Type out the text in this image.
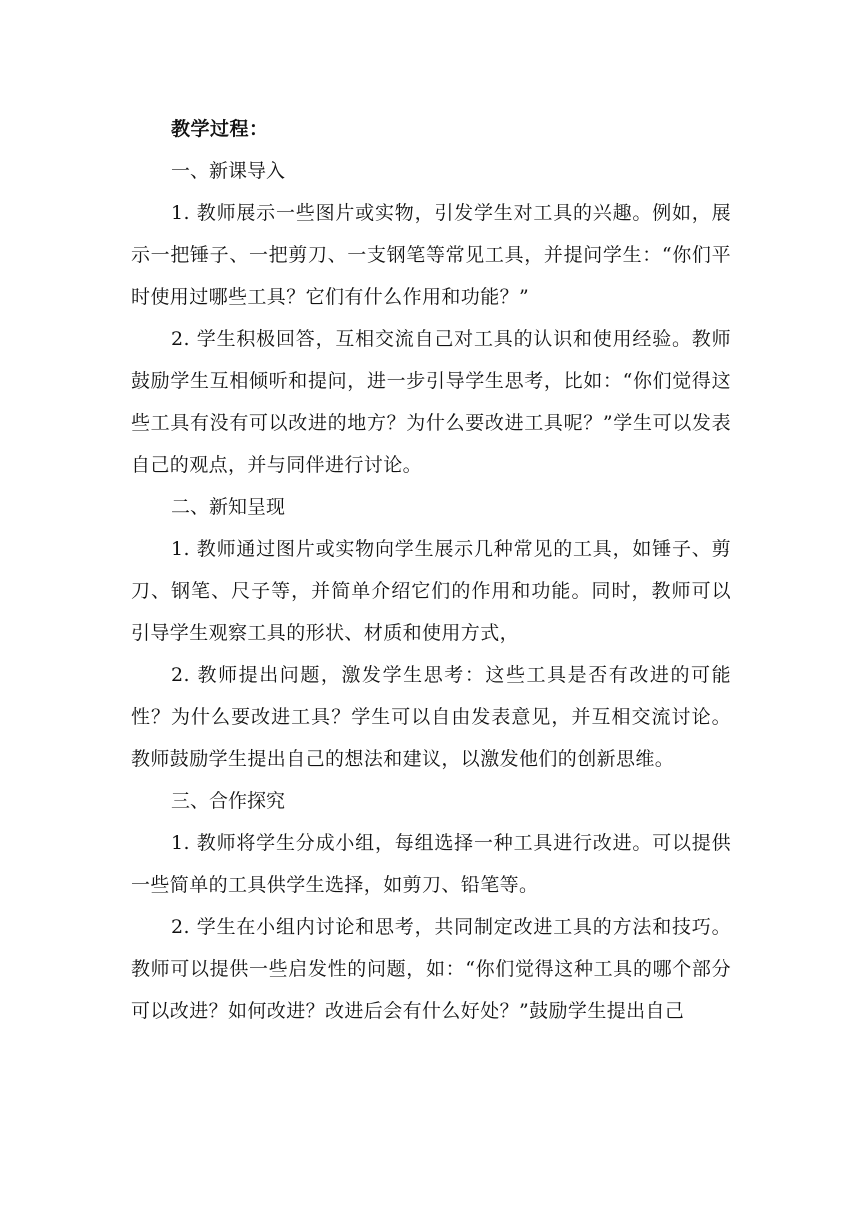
教学过程：
一、新课导入

1. 教师展示一些图片或实物，引发学生对工具的兴趣。例如，展示一把锤子、一把剪刀、一支钢笔等常见工具，并提问学生：“你们平时使用过哪些工具？它们有什么作用和功能？”

2. 学生积极回答，互相交流自己对工具的认识和使用经验。教师鼓励学生互相倾听和提问，进一步引导学生思考，比如：“你们觉得这些工具有没有可以改进的地方？为什么要改进工具呢？”学生可以发表自己的观点，并与同伴进行讨论。

二、新知呈现

1. 教师通过图片或实物向学生展示几种常见的工具，如锤子、剪刀、钢笔、尺子等，并简单介绍它们的作用和功能。同时，教师可以引导学生观察工具的形状、材质和使用方式，

2. 教师提出问题，激发学生思考：这些工具是否有改进的可能性？为什么要改进工具？学生可以自由发表意见，并互相交流讨论。教师鼓励学生提出自己的想法和建议，以激发他们的创新思维。

三、合作探究

1. 教师将学生分成小组，每组选择一种工具进行改进。可以提供一些简单的工具供学生选择，如剪刀、铅笔等。

2. 学生在小组内讨论和思考，共同制定改进工具的方法和技巧。教师可以提供一些启发性的问题，如：“你们觉得这种工具的哪个部分可以改进？如何改进？改进后会有什么好处？”鼓励学生提出自己
